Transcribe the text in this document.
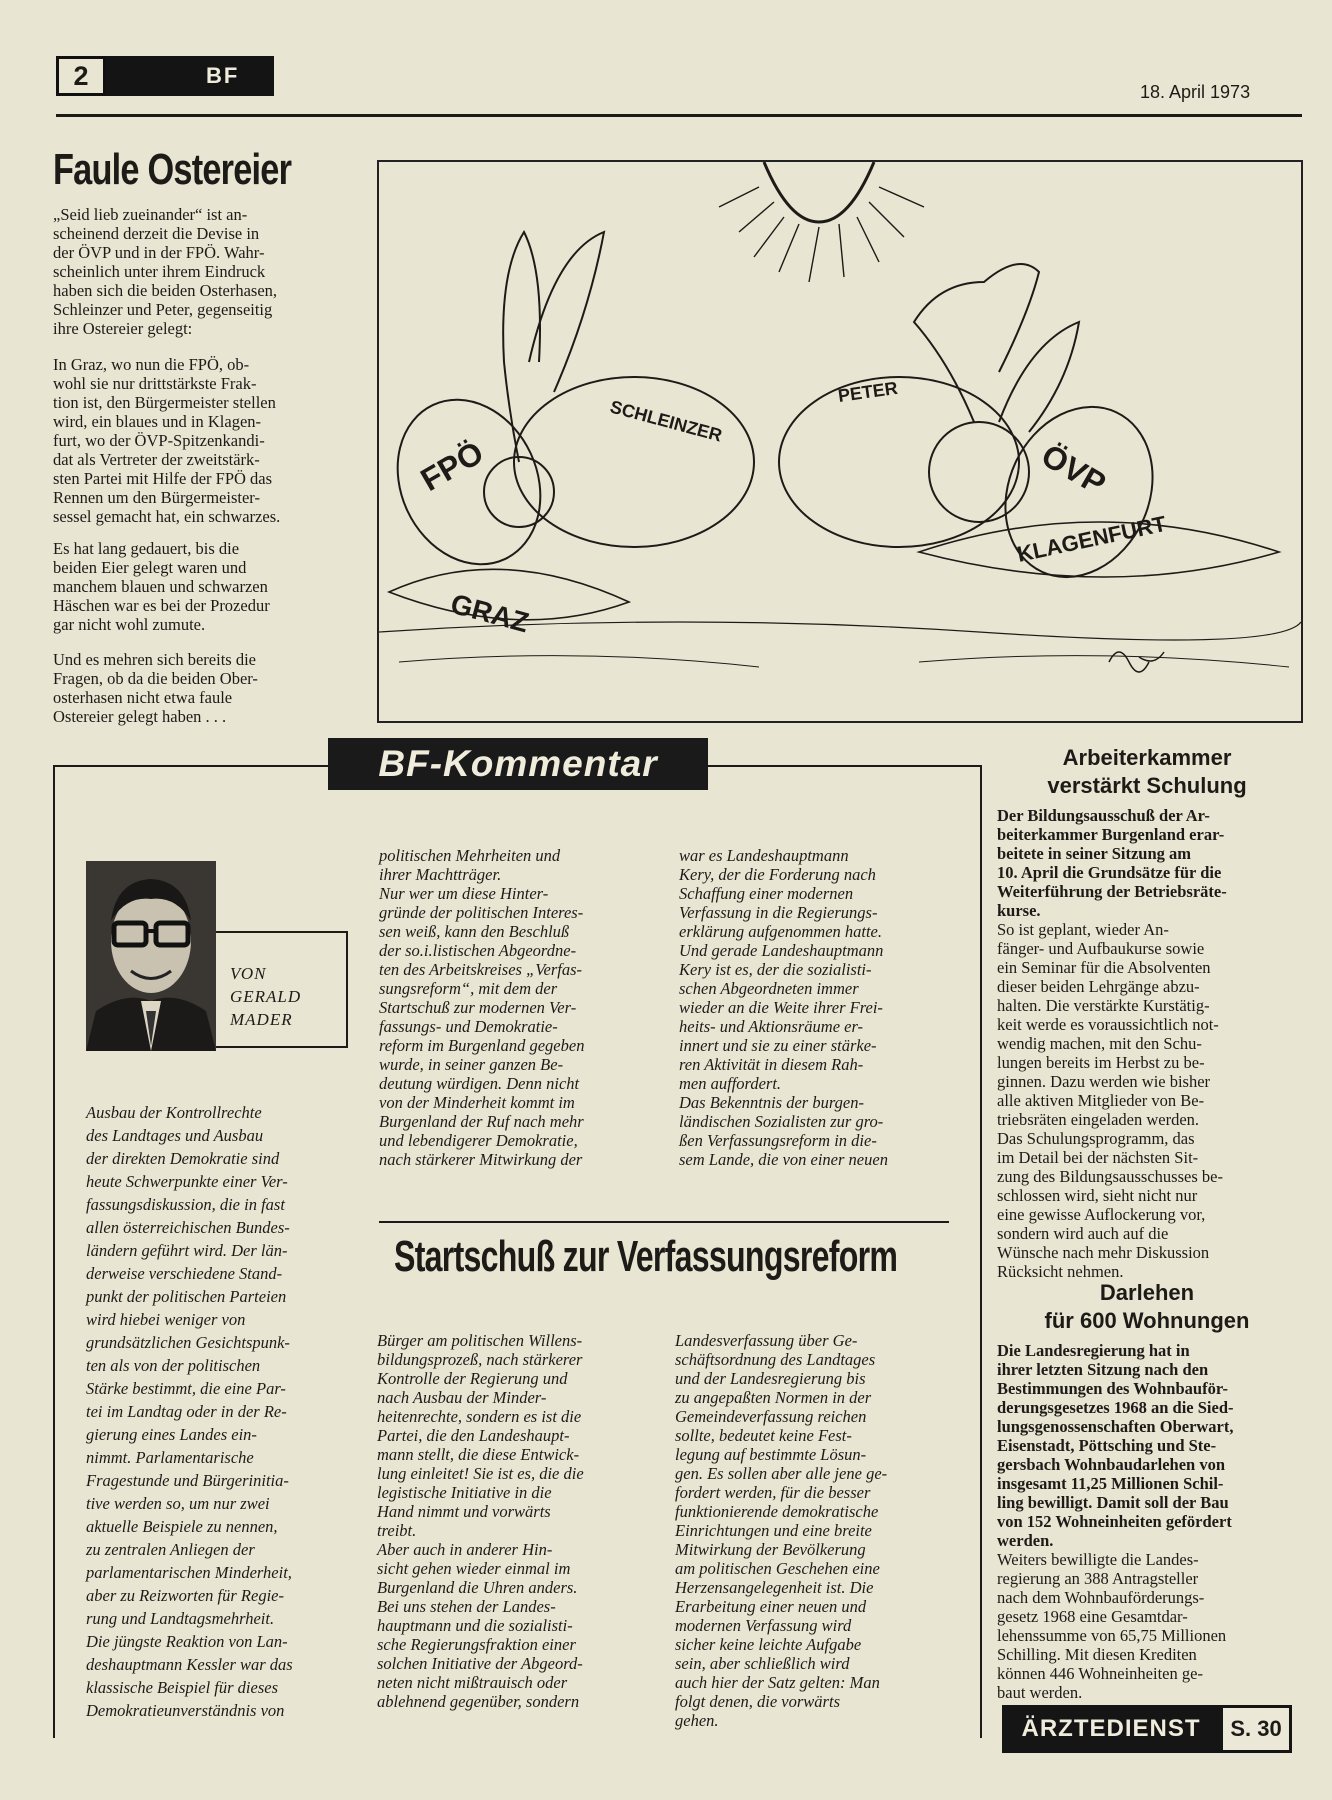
2	BF
18. April 1973
Faule Ostereier
„Seid lieb zueinander“ ist an-
scheinend derzeit die Devise in
der ÖVP und in der FPÖ. Wahr-
scheinlich unter ihrem Eindruck
haben sich die beiden Osterhasen,
Schleinzer und Peter, gegenseitig
ihre Ostereier gelegt:
In Graz, wo nun die FPÖ, ob-
wohl sie nur drittstärkste Frak-
tion ist, den Bürgermeister stellen
wird, ein blaues und in Klagen-
furt, wo der ÖVP-Spitzenkandi-
dat als Vertreter der zweitstärk-
sten Partei mit Hilfe der FPÖ das
Rennen um den Bürgermeister-
sessel gemacht hat, ein schwarzes.
Es hat lang gedauert, bis die
beiden Eier gelegt waren und
manchem blauen und schwarzen
Häschen war es bei der Prozedur
gar nicht wohl zumute.
Und es mehren sich bereits die
Fragen, ob da die beiden Ober-
osterhasen nicht etwa faule
Ostereier gelegt haben . . .
SCHLEINZER
PETER
FPÖ	ÖVP
GRAZ
KLAGENFURT
BF-Kommentar
VON
GERALD
MADER
Ausbau der Kontrollrechte
des Landtages und Ausbau
der direkten Demokratie sind
heute Schwerpunkte einer Ver-
fassungsdiskussion, die in fast
allen österreichischen Bundes-
ländern geführt wird. Der län-
derweise verschiedene Stand-
punkt der politischen Parteien
wird hiebei weniger von
grundsätzlichen Gesichtspunk-
ten als von der politischen
Stärke bestimmt, die eine Par-
tei im Landtag oder in der Re-
gierung eines Landes ein-
nimmt. Parlamentarische
Fragestunde und Bürgerinitia-
tive werden so, um nur zwei
aktuelle Beispiele zu nennen,
zu zentralen Anliegen der
parlamentarischen Minderheit,
aber zu Reizworten für Regie-
rung und Landtagsmehrheit.
Die jüngste Reaktion von Lan-
deshauptmann Kessler war das
klassische Beispiel für dieses
Demokratieunverständnis von
politischen Mehrheiten und
ihrer Machtträger.
Nur wer um diese Hinter-
gründe der politischen Interes-
sen weiß, kann den Beschluß
der so.i.listischen Abgeordne-
ten des Arbeitskreises „Verfas-
sungsreform“, mit dem der
Startschuß zur modernen Ver-
fassungs- und Demokratie-
reform im Burgenland gegeben
wurde, in seiner ganzen Be-
deutung würdigen. Denn nicht
von der Minderheit kommt im
Burgenland der Ruf nach mehr
und lebendigerer Demokratie,
nach stärkerer Mitwirkung der
war es Landeshauptmann
Kery, der die Forderung nach
Schaffung einer modernen
Verfassung in die Regierungs-
erklärung aufgenommen hatte.
Und gerade Landeshauptmann
Kery ist es, der die sozialisti-
schen Abgeordneten immer
wieder an die Weite ihrer Frei-
heits- und Aktionsräume er-
innert und sie zu einer stärke-
ren Aktivität in diesem Rah-
men auffordert.
Das Bekenntnis der burgen-
ländischen Sozialisten zur gro-
ßen Verfassungsreform in die-
sem Lande, die von einer neuen
Startschuß zur Verfassungsreform
Bürger am politischen Willens-
bildungsprozeß, nach stärkerer
Kontrolle der Regierung und
nach Ausbau der Minder-
heitenrechte, sondern es ist die
Partei, die den Landeshaupt-
mann stellt, die diese Entwick-
lung einleitet! Sie ist es, die die
legistische Initiative in die
Hand nimmt und vorwärts
treibt.
Aber auch in anderer Hin-
sicht gehen wieder einmal im
Burgenland die Uhren anders.
Bei uns stehen der Landes-
hauptmann und die sozialisti-
sche Regierungsfraktion einer
solchen Initiative der Abgeord-
neten nicht mißtrauisch oder
ablehnend gegenüber, sondern
Landesverfassung über Ge-
schäftsordnung des Landtages
und der Landesregierung bis
zu angepaßten Normen in der
Gemeindeverfassung reichen
sollte, bedeutet keine Fest-
legung auf bestimmte Lösun-
gen. Es sollen aber alle jene ge-
fordert werden, für die besser
funktionierende demokratische
Einrichtungen und eine breite
Mitwirkung der Bevölkerung
am politischen Geschehen eine
Herzensangelegenheit ist. Die
Erarbeitung einer neuen und
modernen Verfassung wird
sicher keine leichte Aufgabe
sein, aber schließlich wird
auch hier der Satz gelten: Man
folgt denen, die vorwärts
gehen.
Arbeiterkammer
verstärkt Schulung
Der Bildungsausschuß der Ar-
beiterkammer Burgenland erar-
beitete in seiner Sitzung am
10. April die Grundsätze für die
Weiterführung der Betriebsräte-
kurse.
So ist geplant, wieder An-
fänger- und Aufbaukurse sowie
ein Seminar für die Absolventen
dieser beiden Lehrgänge abzu-
halten. Die verstärkte Kurstätig-
keit werde es voraussichtlich not-
wendig machen, mit den Schu-
lungen bereits im Herbst zu be-
ginnen. Dazu werden wie bisher
alle aktiven Mitglieder von Be-
triebsräten eingeladen werden.
Das Schulungsprogramm, das
im Detail bei der nächsten Sit-
zung des Bildungsausschusses be-
schlossen wird, sieht nicht nur
eine gewisse Auflockerung vor,
sondern wird auch auf die
Wünsche nach mehr Diskussion
Rücksicht nehmen.
Darlehen
für 600 Wohnungen
Die Landesregierung hat in
ihrer letzten Sitzung nach den
Bestimmungen des Wohnbauför-
derungsgesetzes 1968 an die Sied-
lungsgenossenschaften Oberwart,
Eisenstadt, Pöttsching und Ste-
gersbach Wohnbaudarlehen von
insgesamt 11,25 Millionen Schil-
ling bewilligt. Damit soll der Bau
von 152 Wohneinheiten gefördert
werden.
Weiters bewilligte die Landes-
regierung an 388 Antragsteller
nach dem Wohnbauförderungs-
gesetz 1968 eine Gesamtdar-
lehenssumme von 65,75 Millionen
Schilling. Mit diesen Krediten
können 446 Wohneinheiten ge-
baut werden.
ÄRZTEDIENST	S. 30
